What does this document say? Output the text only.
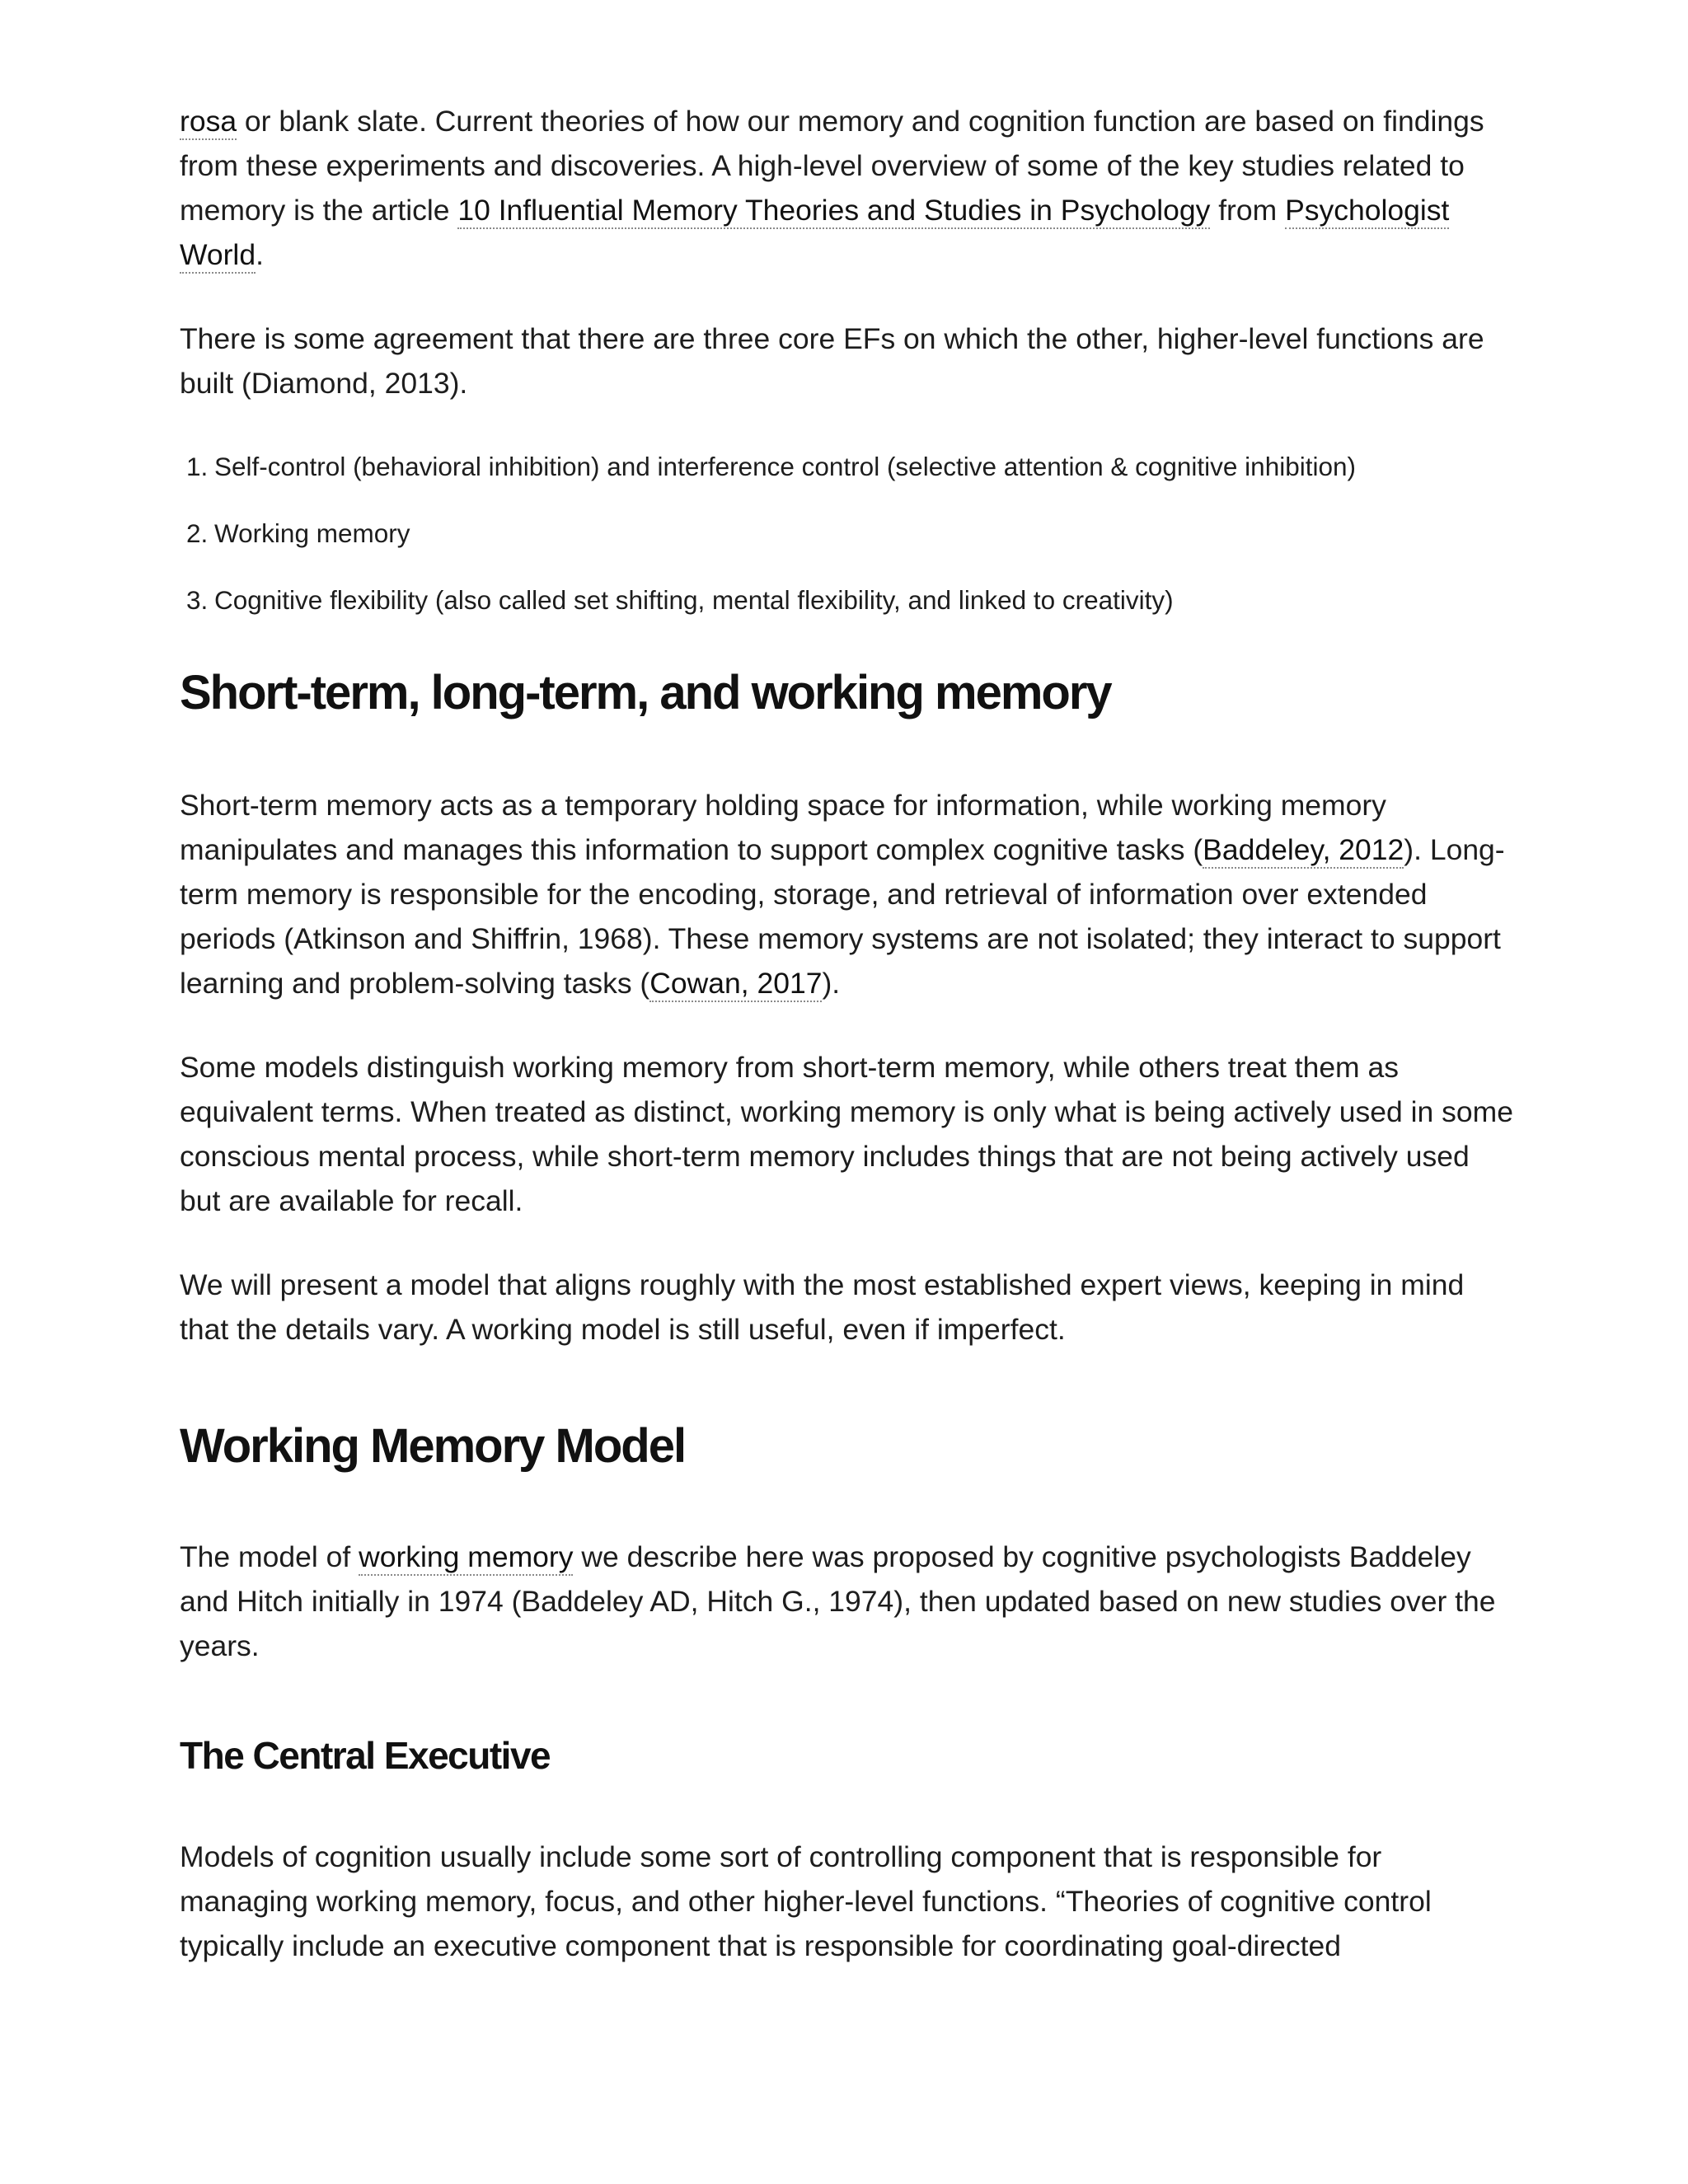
rosa or blank slate. Current theories of how our memory and cognition function are based on findings from these experiments and discoveries. A high-level overview of some of the key studies related to memory is the article 10 Influential Memory Theories and Studies in Psychology from Psychologist World.

There is some agreement that there are three core EFs on which the other, higher-level functions are built (Diamond, 2013).

1. Self-control (behavioral inhibition) and interference control (selective attention & cognitive inhibition)
2. Working memory
3. Cognitive flexibility (also called set shifting, mental flexibility, and linked to creativity)
Short-term, long-term, and working memory

Short-term memory acts as a temporary holding space for information, while working memory manipulates and manages this information to support complex cognitive tasks (Baddeley, 2012). Long-term memory is responsible for the encoding, storage, and retrieval of information over extended periods (Atkinson and Shiffrin, 1968). These memory systems are not isolated; they interact to support learning and problem-solving tasks (Cowan, 2017).

Some models distinguish working memory from short-term memory, while others treat them as equivalent terms. When treated as distinct, working memory is only what is being actively used in some conscious mental process, while short-term memory includes things that are not being actively used but are available for recall.

We will present a model that aligns roughly with the most established expert views, keeping in mind that the details vary. A working model is still useful, even if imperfect.

Working Memory Model

The model of working memory we describe here was proposed by cognitive psychologists Baddeley and Hitch initially in 1974 (Baddeley AD, Hitch G., 1974), then updated based on new studies over the years.

The Central Executive

Models of cognition usually include some sort of controlling component that is responsible for managing working memory, focus, and other higher-level functions. “Theories of cognitive control typically include an executive component that is responsible for coordinating goal-directed
